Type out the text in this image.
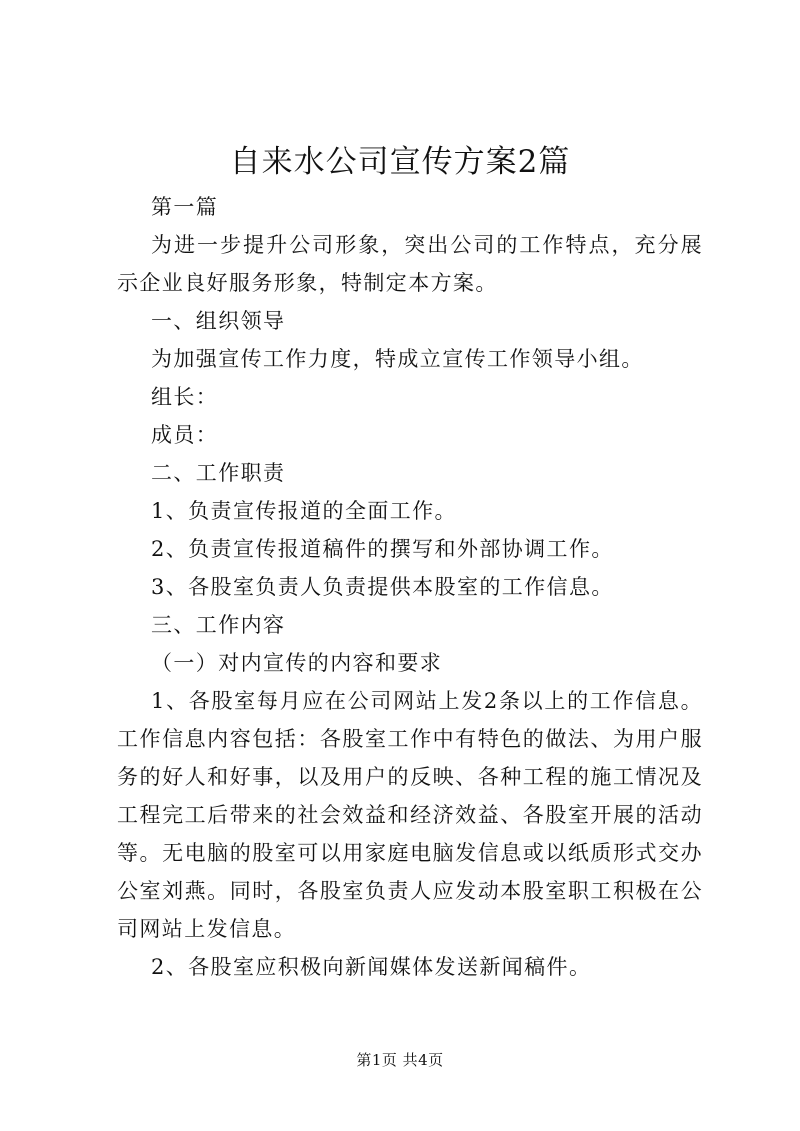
自来水公司宣传方案2篇

第一篇

为进一步提升公司形象，突出公司的工作特点，充分展示企业良好服务形象，特制定本方案。

一、组织领导

为加强宣传工作力度，特成立宣传工作领导小组。

组长：

成员：

二、工作职责

1、负责宣传报道的全面工作。

2、负责宣传报道稿件的撰写和外部协调工作。

3、各股室负责人负责提供本股室的工作信息。

三、工作内容

（一）对内宣传的内容和要求

1、各股室每月应在公司网站上发2条以上的工作信息。工作信息内容包括：各股室工作中有特色的做法、为用户服务的好人和好事，以及用户的反映、各种工程的施工情况及工程完工后带来的社会效益和经济效益、各股室开展的活动等。无电脑的股室可以用家庭电脑发信息或以纸质形式交办公室刘燕。同时，各股室负责人应发动本股室职工积极在公司网站上发信息。

2、各股室应积极向新闻媒体发送新闻稿件。

第1页 共4页
